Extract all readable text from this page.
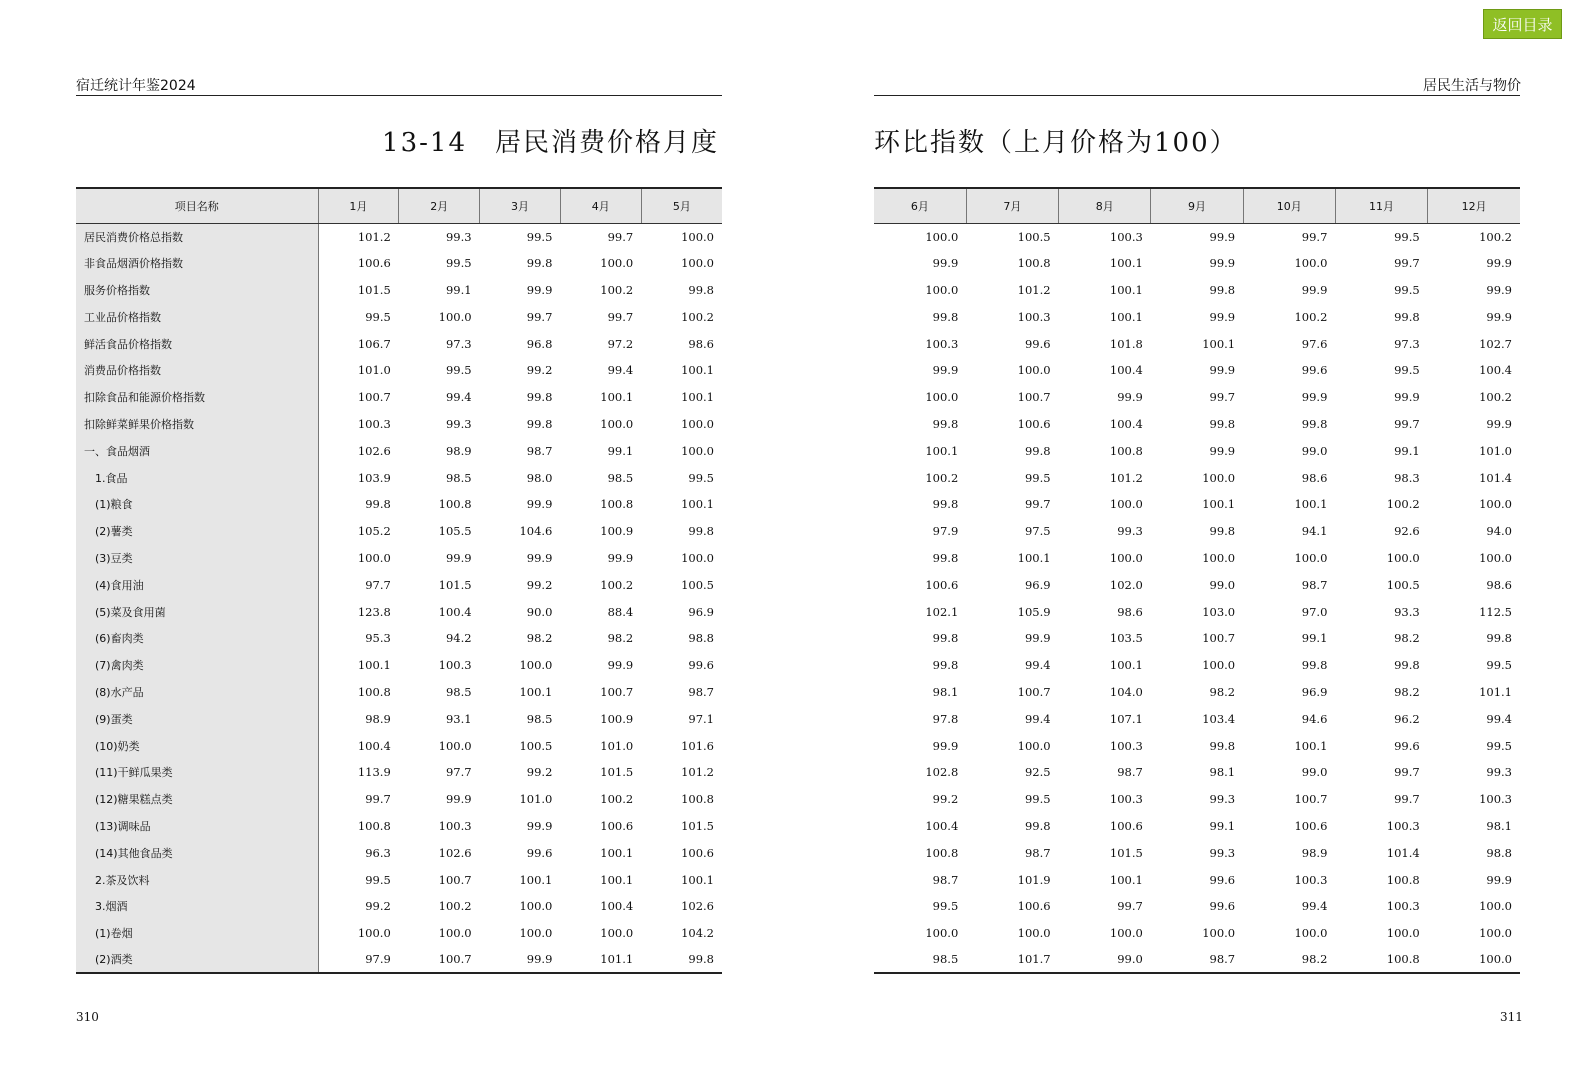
返回目录
宿迁统计年鉴2024	居民生活与物价
13-14　居民消费价格月度	环比指数（上月价格为100）
项目名称	1月	2月	3月	4月	5月
居民消费价格总指数	101.2	99.3	99.5	99.7	100.0
非食品烟酒价格指数	100.6	99.5	99.8	100.0	100.0
服务价格指数	101.5	99.1	99.9	100.2	99.8
工业品价格指数	99.5	100.0	99.7	99.7	100.2
鲜活食品价格指数	106.7	97.3	96.8	97.2	98.6
消费品价格指数	101.0	99.5	99.2	99.4	100.1
扣除食品和能源价格指数	100.7	99.4	99.8	100.1	100.1
扣除鲜菜鲜果价格指数	100.3	99.3	99.8	100.0	100.0
一、食品烟酒	102.6	98.9	98.7	99.1	100.0
1.食品	103.9	98.5	98.0	98.5	99.5
(1)粮食	99.8	100.8	99.9	100.8	100.1
(2)薯类	105.2	105.5	104.6	100.9	99.8
(3)豆类	100.0	99.9	99.9	99.9	100.0
(4)食用油	97.7	101.5	99.2	100.2	100.5
(5)菜及食用菌	123.8	100.4	90.0	88.4	96.9
(6)畜肉类	95.3	94.2	98.2	98.2	98.8
(7)禽肉类	100.1	100.3	100.0	99.9	99.6
(8)水产品	100.8	98.5	100.1	100.7	98.7
(9)蛋类	98.9	93.1	98.5	100.9	97.1
(10)奶类	100.4	100.0	100.5	101.0	101.6
(11)干鲜瓜果类	113.9	97.7	99.2	101.5	101.2
(12)糖果糕点类	99.7	99.9	101.0	100.2	100.8
(13)调味品	100.8	100.3	99.9	100.6	101.5
(14)其他食品类	96.3	102.6	99.6	100.1	100.6
2.茶及饮料	99.5	100.7	100.1	100.1	100.1
3.烟酒	99.2	100.2	100.0	100.4	102.6
(1)卷烟	100.0	100.0	100.0	100.0	104.2
(2)酒类	97.9	100.7	99.9	101.1	99.8
6月	7月	8月	9月	10月	11月	12月
100.0	100.5	100.3	99.9	99.7	99.5	100.2
99.9	100.8	100.1	99.9	100.0	99.7	99.9
100.0	101.2	100.1	99.8	99.9	99.5	99.9
99.8	100.3	100.1	99.9	100.2	99.8	99.9
100.3	99.6	101.8	100.1	97.6	97.3	102.7
99.9	100.0	100.4	99.9	99.6	99.5	100.4
100.0	100.7	99.9	99.7	99.9	99.9	100.2
99.8	100.6	100.4	99.8	99.8	99.7	99.9
100.1	99.8	100.8	99.9	99.0	99.1	101.0
100.2	99.5	101.2	100.0	98.6	98.3	101.4
99.8	99.7	100.0	100.1	100.1	100.2	100.0
97.9	97.5	99.3	99.8	94.1	92.6	94.0
99.8	100.1	100.0	100.0	100.0	100.0	100.0
100.6	96.9	102.0	99.0	98.7	100.5	98.6
102.1	105.9	98.6	103.0	97.0	93.3	112.5
99.8	99.9	103.5	100.7	99.1	98.2	99.8
99.8	99.4	100.1	100.0	99.8	99.8	99.5
98.1	100.7	104.0	98.2	96.9	98.2	101.1
97.8	99.4	107.1	103.4	94.6	96.2	99.4
99.9	100.0	100.3	99.8	100.1	99.6	99.5
102.8	92.5	98.7	98.1	99.0	99.7	99.3
99.2	99.5	100.3	99.3	100.7	99.7	100.3
100.4	99.8	100.6	99.1	100.6	100.3	98.1
100.8	98.7	101.5	99.3	98.9	101.4	98.8
98.7	101.9	100.1	99.6	100.3	100.8	99.9
99.5	100.6	99.7	99.6	99.4	100.3	100.0
100.0	100.0	100.0	100.0	100.0	100.0	100.0
98.5	101.7	99.0	98.7	98.2	100.8	100.0
310	311
